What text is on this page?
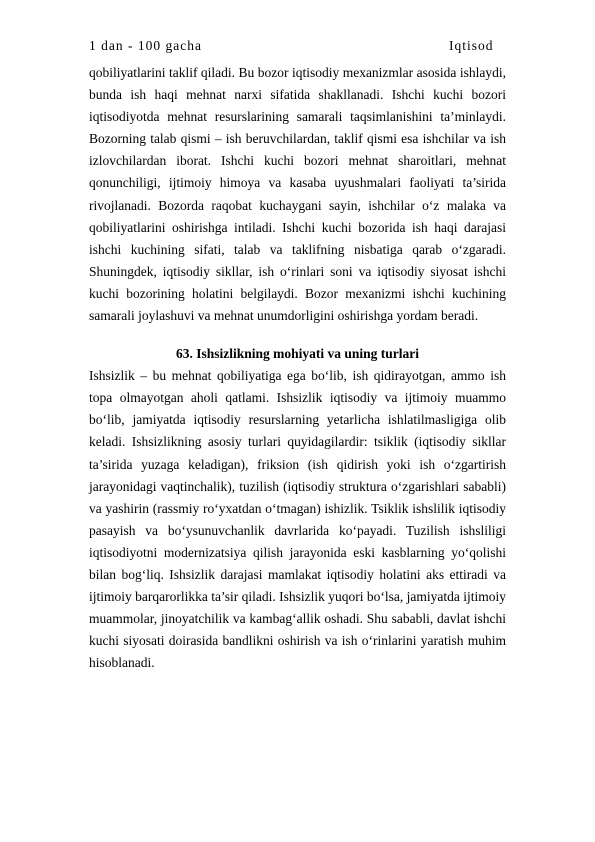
1 dan - 100 gacha	Iqtisod

qobiliyatlarini taklif qiladi. Bu bozor iqtisodiy mexanizmlar asosida ishlaydi, bunda ish haqi mehnat narxi sifatida shakllanadi. Ishchi kuchi bozori iqtisodiyotda mehnat resurslarining samarali taqsimlanishini ta’minlaydi. Bozorning talab qismi – ish beruvchilardan, taklif qismi esa ishchilar va ish izlovchilardan iborat. Ishchi kuchi bozori mehnat sharoitlari, mehnat qonunchiligi, ijtimoiy himoya va kasaba uyushmalari faoliyati ta’sirida rivojlanadi. Bozorda raqobat kuchaygani sayin, ishchilar o‘z malaka va qobiliyatlarini oshirishga intiladi. Ishchi kuchi bozorida ish haqi darajasi ishchi kuchining sifati, talab va taklifning nisbatiga qarab o‘zgaradi. Shuningdek, iqtisodiy sikllar, ish o‘rinlari soni va iqtisodiy siyosat ishchi kuchi bozorining holatini belgilaydi. Bozor mexanizmi ishchi kuchining samarali joylashuvi va mehnat unumdorligini oshirishga yordam beradi.

63. Ishsizlikning mohiyati va uning turlari

Ishsizlik – bu mehnat qobiliyatiga ega bo‘lib, ish qidirayotgan, ammo ish topa olmayotgan aholi qatlami. Ishsizlik iqtisodiy va ijtimoiy muammo bo‘lib, jamiyatda iqtisodiy resurslarning yetarlicha ishlatilmasligiga olib keladi. Ishsizlikning asosiy turlari quyidagilardir: tsiklik (iqtisodiy sikllar ta’sirida yuzaga keladigan), friksion (ish qidirish yoki ish o‘zgartirish jarayonidagi vaqtinchalik), tuzilish (iqtisodiy struktura o‘zgarishlari sababli) va yashirin (rassmiy ro‘yxatdan o‘tmagan) ishizlik. Tsiklik ishslilik iqtisodiy pasayish va bo‘ysunuvchanlik davrlarida ko‘payadi. Tuzilish ishsliligi iqtisodiyotni modernizatsiya qilish jarayonida eski kasblarning yo‘qolishi bilan bog‘liq. Ishsizlik darajasi mamlakat iqtisodiy holatini aks ettiradi va ijtimoiy barqarorlikka ta’sir qiladi. Ishsizlik yuqori bo‘lsa, jamiyatda ijtimoiy muammolar, jinoyatchilik va kambag‘allik oshadi. Shu sababli, davlat ishchi kuchi siyosati doirasida bandlikni oshirish va ish o‘rinlarini yaratish muhim hisoblanadi.
